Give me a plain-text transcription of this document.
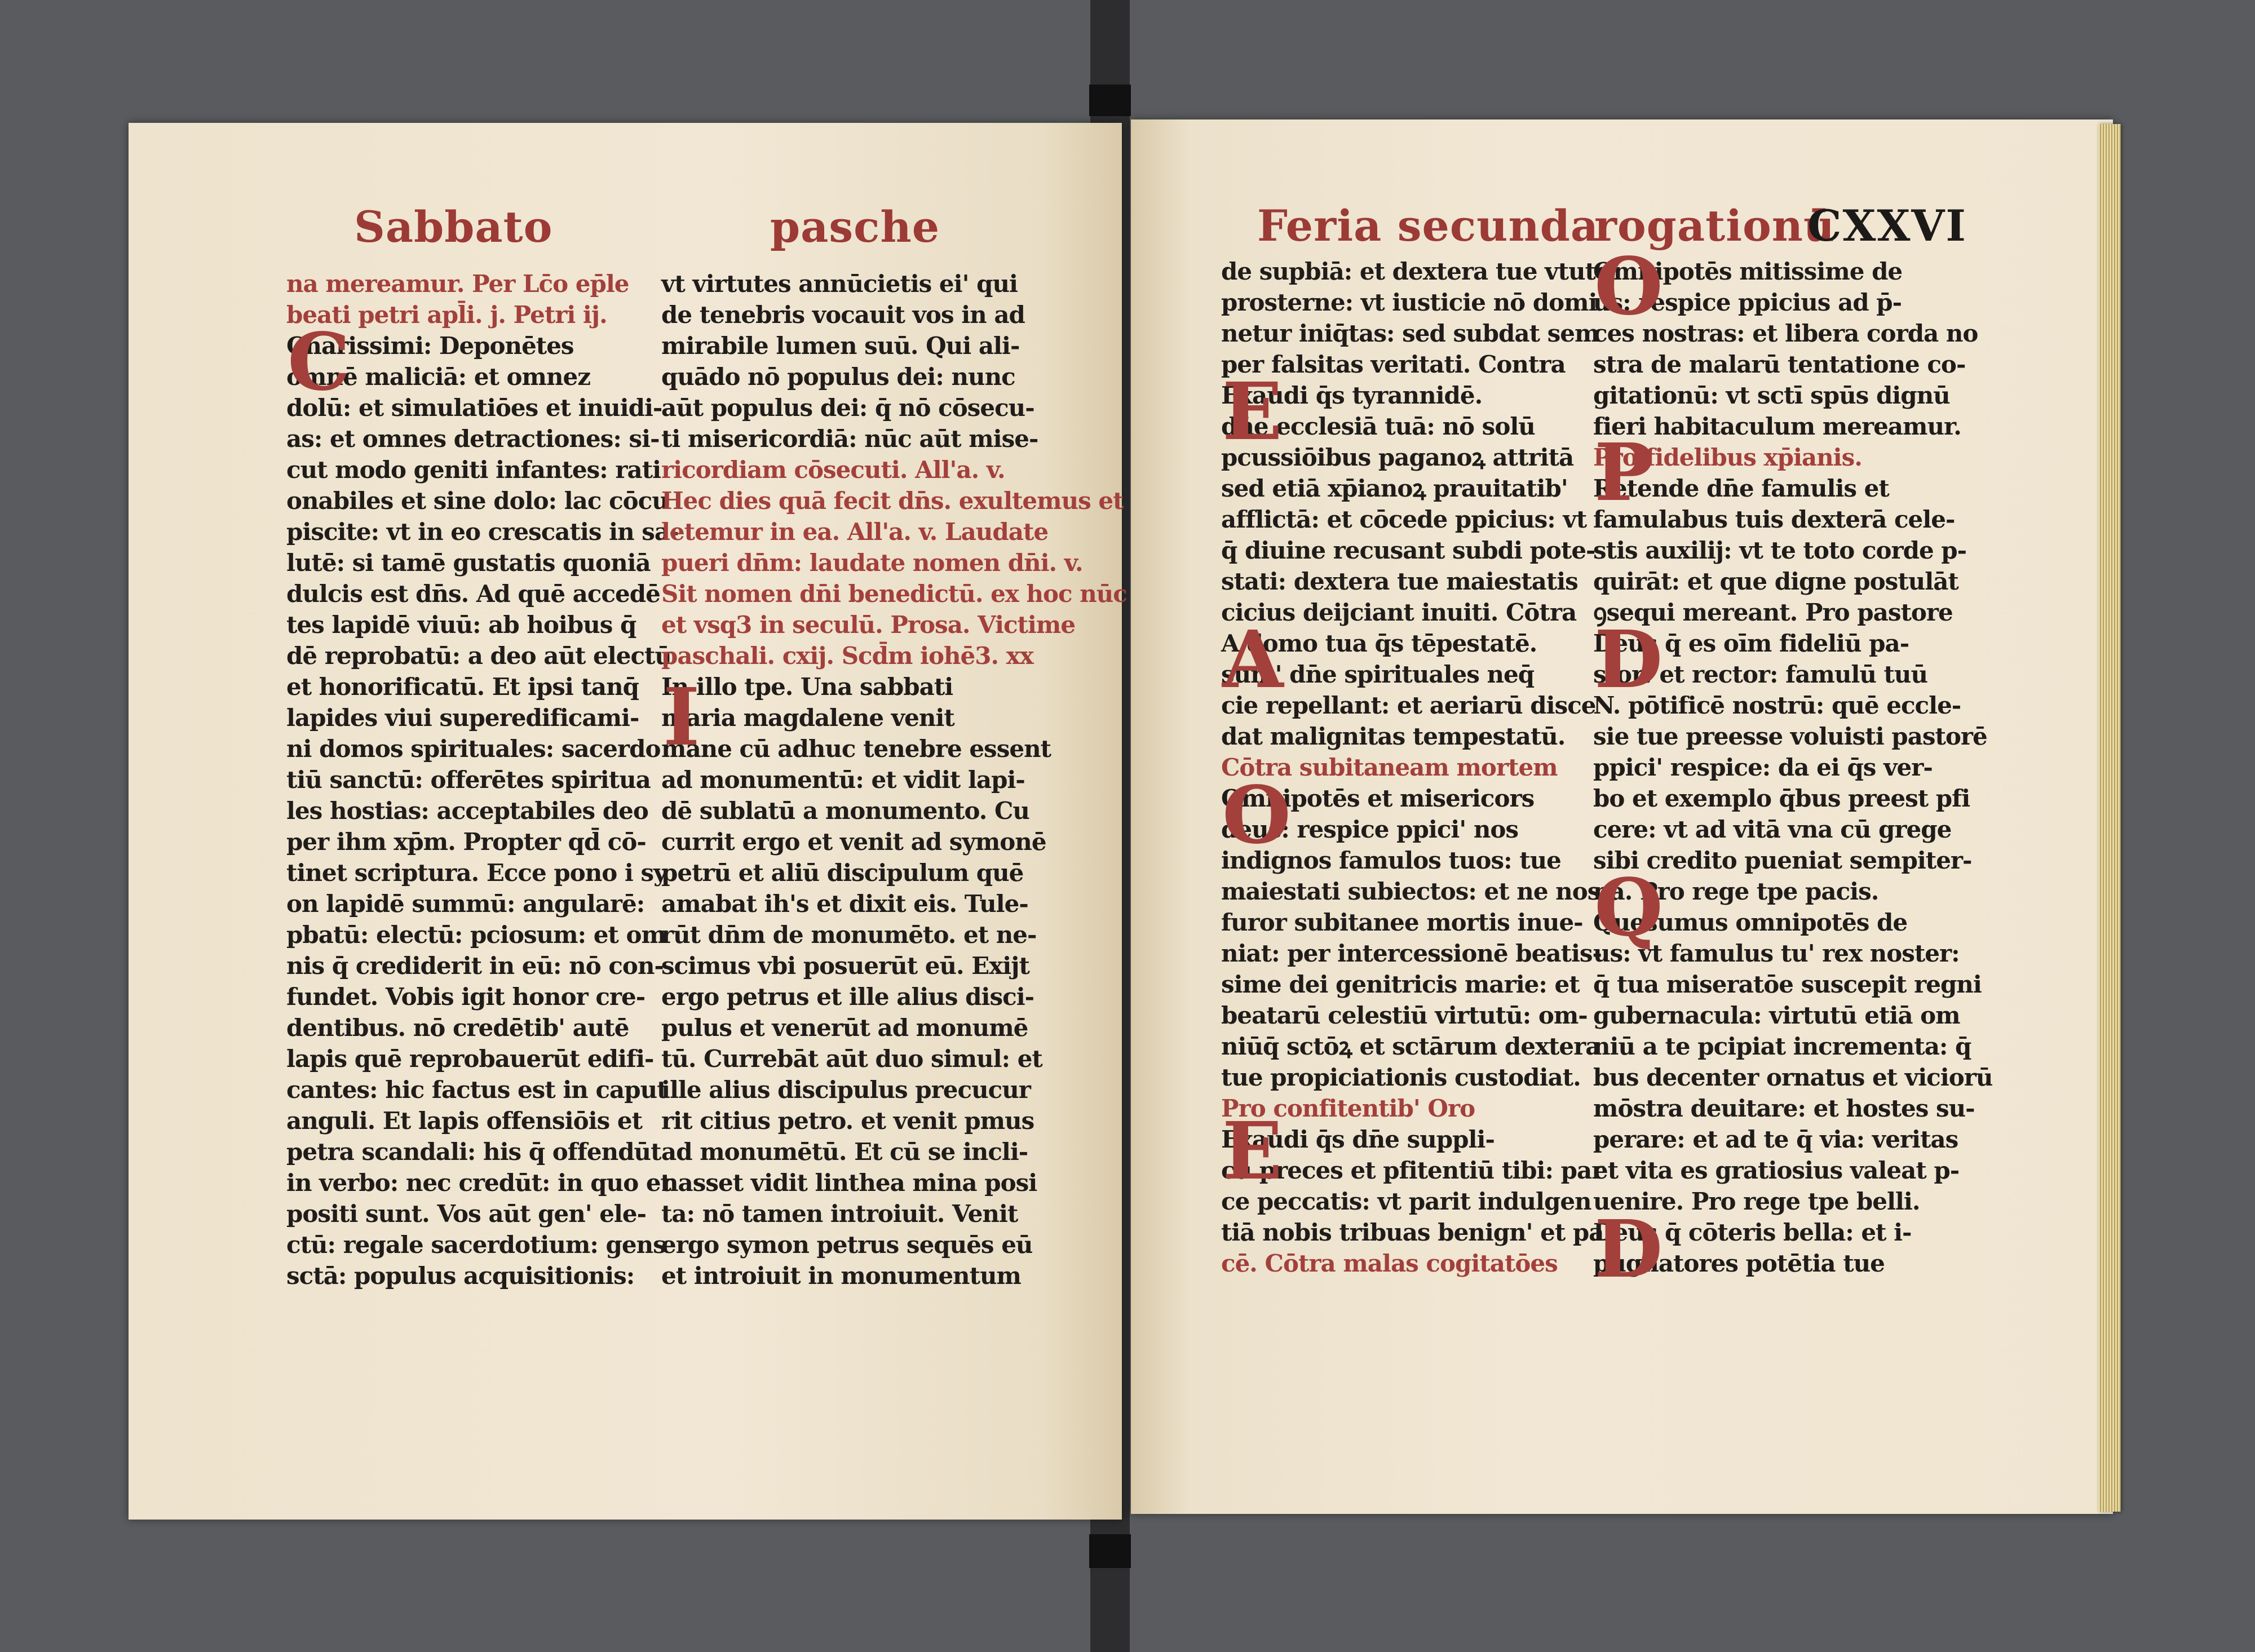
Sabbato	pasche
na mereamur. Per Lc̄o ep̄le
beati petri apl̄i. j. Petri ij.
Charissimi: Deponētes
omnē maliciā: et omnez
dolū: et simulatiōes et inuidi-
as: et omnes detractiones: si-
cut modo geniti infantes: rati
onabiles et sine dolo: lac cōcu
piscite: vt in eo crescatis in sa-
lutē: si tamē gustatis quoniā
dulcis est dn̄s. Ad quē accedē
tes lapidē viuū: ab hoibus q̄
dē reprobatū: a deo aūt electū
et honorificatū. Et ipsi tanq̄
lapides viui superedificami-
ni domos spirituales: sacerdo
tiū sanctū: offerētes spiritua
les hostias: acceptabiles deo
per ihm xp̄m. Propter qd̄ cō-
tinet scriptura. Ecce pono i sy
on lapidē summū: angularē:
pbatū: electū: pciosum: et om
nis q̄ crediderit in eū: nō con-
fundet. Vobis igit honor cre-
dentibus. nō credētib' autē
lapis quē reprobauerūt edifi-
cantes: hic factus est in caput
anguli. Et lapis offensiōis et
petra scandali: his q̄ offendūt
in verbo: nec credūt: in quo et
positi sunt. Vos aūt gen' ele-
ctū: regale sacerdotium: gens
sctā: populus acquisitionis:
vt virtutes annūcietis ei' qui
de tenebris vocauit vos in ad
mirabile lumen suū. Qui ali-
quādo nō populus dei: nunc
aūt populus dei: q̄ nō cōsecu-
ti misericordiā: nūc aūt mise-
ricordiam cōsecuti. All'a. v.
Hec dies quā fecit dn̄s. exultemus et
letemur in ea. All'a. v. Laudate
pueri dn̄m: laudate nomen dn̄i. v.
Sit nomen dn̄i benedictū. ex hoc nūc
et vsq3 in seculū. Prosa. Victime
paschali. cxij. Scd̄m iohē3. xx
In illo tpe. Una sabbati
maria magdalene venit
mane cū adhuc tenebre essent
ad monumentū: et vidit lapi-
dē sublatū a monumento. Cu
currit ergo et venit ad symonē
petrū et aliū discipulum quē
amabat ih's et dixit eis. Tule-
rūt dn̄m de monumēto. et ne-
scimus vbi posuerūt eū. Exijt
ergo petrus et ille alius disci-
pulus et venerūt ad monumē
tū. Currebāt aūt duo simul: et
ille alius discipulus precucur
rit citius petro. et venit pmus
ad monumētū. Et cū se incli-
nasset vidit linthea mina posi
ta: nō tamen introiuit. Venit
ergo symon petrus sequēs eū
et introiuit in monumentum
C
I
Feria secunda
rogationū
CXXVI
de supbiā: et dextera tue vtute
prosterne: vt iusticie nō domi
netur iniq̄tas: sed subdat sem
per falsitas veritati. Contra
Exaudi q̄s tyrannidē.
dn̄e ecclesiā tuā: nō solū
pcussiōibus paganoꝝ attritā
sed etiā xp̄ianoꝝ prauitatib'
afflictā: et cōcede ppicius: vt
q̄ diuine recusant subdi pote-
stati: dextera tue maiestatis
cicius deijciant inuiti. Cōtra
A domo tua q̄s tēpestatē.
sum' dn̄e spirituales neq̄
cie repellant: et aeriarū disce
dat malignitas tempestatū.
Cōtra subitaneam mortem
Omnipotēs et misericors
deus: respice ppici' nos
indignos famulos tuos: tue
maiestati subiectos: et ne nos
furor subitanee mortis inue-
niat: per intercessionē beatis-
sime dei genitricis marie: et
beatarū celestiū virtutū: om-
niūq̄ sctōꝝ et sctārum dextera
tue propiciationis custodiat.
Pro confitentib' Oro
Exaudi q̄s dn̄e suppli-
cū preces et pfitentiū tibi: par
ce peccatis: vt parit indulgen
tiā nobis tribuas benign' et pa
cē. Cōtra malas cogitatōes
Omnipotēs mitissime de
us: respice ppicius ad p̄-
ces nostras: et libera corda no
stra de malarū tentatione co-
gitationū: vt sctī spūs dignū
fieri habitaculum mereamur.
Pro fidelibus xp̄ianis.
Retende dn̄e famulis et
famulabus tuis dexterā cele-
stis auxilij: vt te toto corde p-
quirāt: et que digne postulāt
ꝯsequi mereant. Pro pastore
Deus q̄ es oīm fideliū pa-
stor: et rector: famulū tuū
N. pōtificē nostrū: quē eccle-
sie tue preesse voluisti pastorē
ppici' respice: da ei q̄s ver-
bo et exemplo q̄bus preest pfi
cere: vt ad vitā vna cū grege
sibi credito pueniat sempiter-
nā. Pro rege tpe pacis.
Quesumus omnipotēs de
us: vt famulus tu' rex noster:
q̄ tua miseratōe suscepit regni
gubernacula: virtutū etiā om
niū a te pcipiat incrementa: q̄
bus decenter ornatus et viciorū
mōstra deuitare: et hostes su-
perare: et ad te q̄ via: veritas
et vita es gratiosius valeat p-
uenire. Pro rege tpe belli.
Deus q̄ cōteris bella: et i-
pugnatores potētia tue
E
A
O
E
O
P
D
Q
D
